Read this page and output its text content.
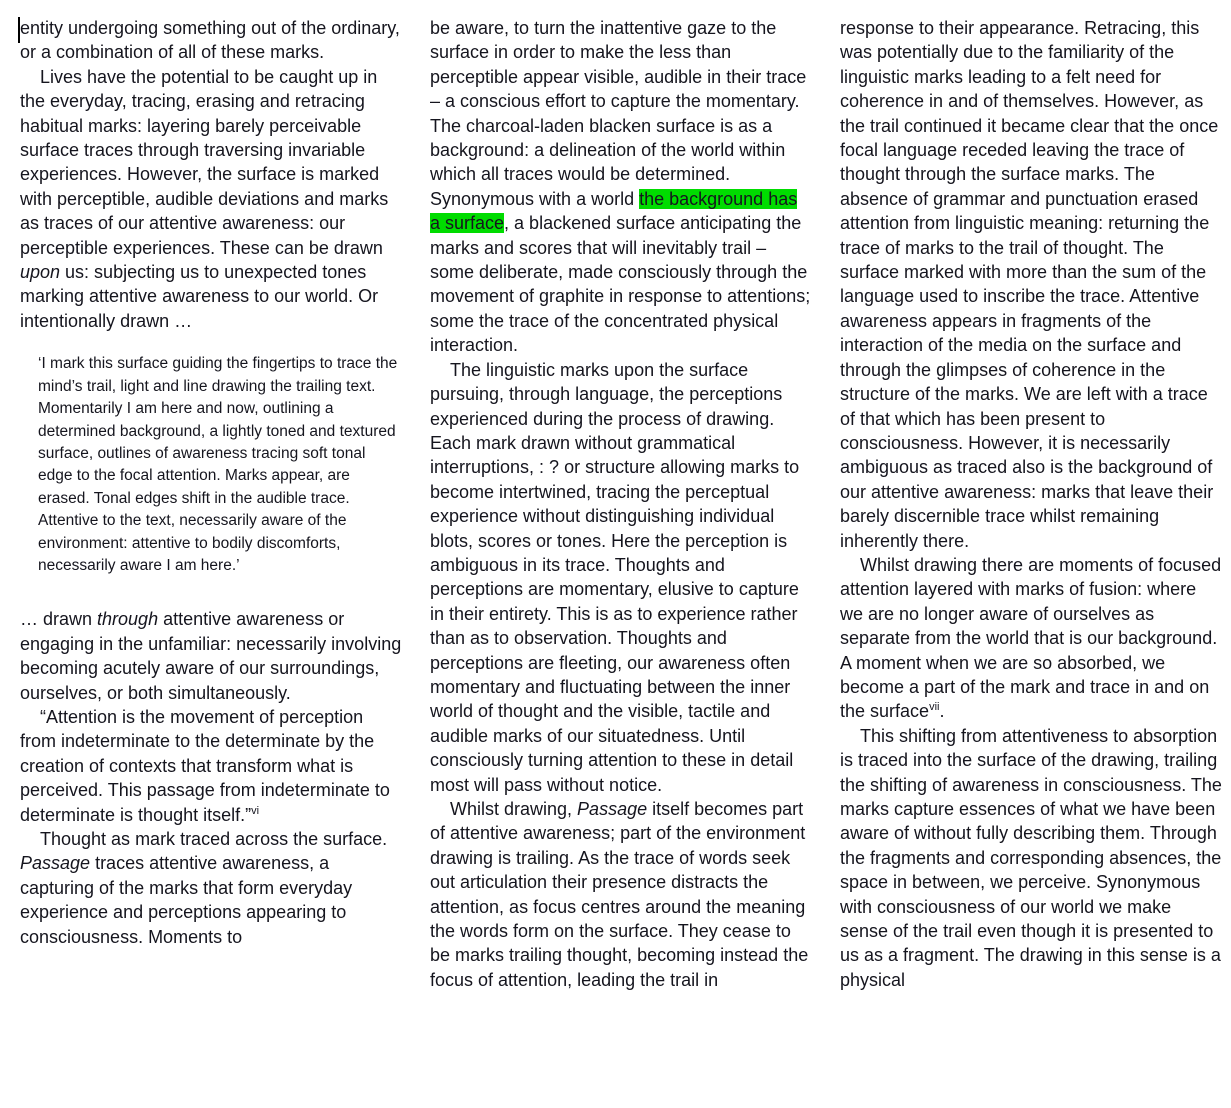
entity undergoing something out of the ordinary, or a combination of all of these marks.

Lives have the potential to be caught up in the everyday, tracing, erasing and retracing habitual marks: layering barely perceivable surface traces through traversing invariable experiences. However, the surface is marked with perceptible, audible deviations and marks as traces of our attentive awareness: our perceptible experiences. These can be drawn upon us: subjecting us to unexpected tones marking attentive awareness to our world. Or intentionally drawn …

‘I mark this surface guiding the fingertips to trace the mind’s trail, light and line drawing the trailing text. Momentarily I am here and now, outlining a determined background, a lightly toned and textured surface, outlines of awareness tracing soft tonal edge to the focal attention. Marks appear, are erased. Tonal edges shift in the audible trace. Attentive to the text, necessarily aware of the environment: attentive to bodily discomforts, necessarily aware I am here.’

… drawn through attentive awareness or engaging in the unfamiliar: necessarily involving becoming acutely aware of our surroundings, ourselves, or both simultaneously.

“Attention is the movement of perception from indeterminate to the determinate by the creation of contexts that transform what is perceived. This passage from indeterminate to determinate is thought itself.”$^{vi}$

Thought as mark traced across the surface. Passage traces attentive awareness, a capturing of the marks that form everyday experience and perceptions appearing to consciousness. Moments to

be aware, to turn the inattentive gaze to the surface in order to make the less than perceptible appear visible, audible in their trace – a conscious effort to capture the momentary. The charcoal-laden blacken surface is as a background: a delineation of the world within which all traces would be determined. Synonymous with a world the background has a surface, a blackened surface anticipating the marks and scores that will inevitably trail – some deliberate, made consciously through the movement of graphite in response to attentions; some the trace of the concentrated physical interaction.

The linguistic marks upon the surface pursuing, through language, the perceptions experienced during the process of drawing. Each mark drawn without grammatical interruptions, : ? or structure allowing marks to become intertwined, tracing the perceptual experience without distinguishing individual blots, scores or tones. Here the perception is ambiguous in its trace. Thoughts and perceptions are momentary, elusive to capture in their entirety. This is as to experience rather than as to observation. Thoughts and perceptions are fleeting, our awareness often momentary and fluctuating between the inner world of thought and the visible, tactile and audible marks of our situatedness. Until consciously turning attention to these in detail most will pass without notice.

Whilst drawing, Passage itself becomes part of attentive awareness; part of the environment drawing is trailing. As the trace of words seek out articulation their presence distracts the attention, as focus centres around the meaning the words form on the surface. They cease to be marks trailing thought, becoming instead the focus of attention, leading the trail in

response to their appearance. Retracing, this was potentially due to the familiarity of the linguistic marks leading to a felt need for coherence in and of themselves. However, as the trail continued it became clear that the once focal language receded leaving the trace of thought through the surface marks. The absence of grammar and punctuation erased attention from linguistic meaning: returning the trace of marks to the trail of thought. The surface marked with more than the sum of the language used to inscribe the trace. Attentive awareness appears in fragments of the interaction of the media on the surface and through the glimpses of coherence in the structure of the marks. We are left with a trace of that which has been present to consciousness. However, it is necessarily ambiguous as traced also is the background of our attentive awareness: marks that leave their barely discernible trace whilst remaining inherently there.

Whilst drawing there are moments of focused attention layered with marks of fusion: where we are no longer aware of ourselves as separate from the world that is our background. A moment when we are so absorbed, we become a part of the mark and trace in and on the surface$^{vii}$.

This shifting from attentiveness to absorption is traced into the surface of the drawing, trailing the shifting of awareness in consciousness. The marks capture essences of what we have been aware of without fully describing them. Through the fragments and corresponding absences, the space in between, we perceive. Synonymous with consciousness of our world we make sense of the trail even though it is presented to us as a fragment. The drawing in this sense is a physical
